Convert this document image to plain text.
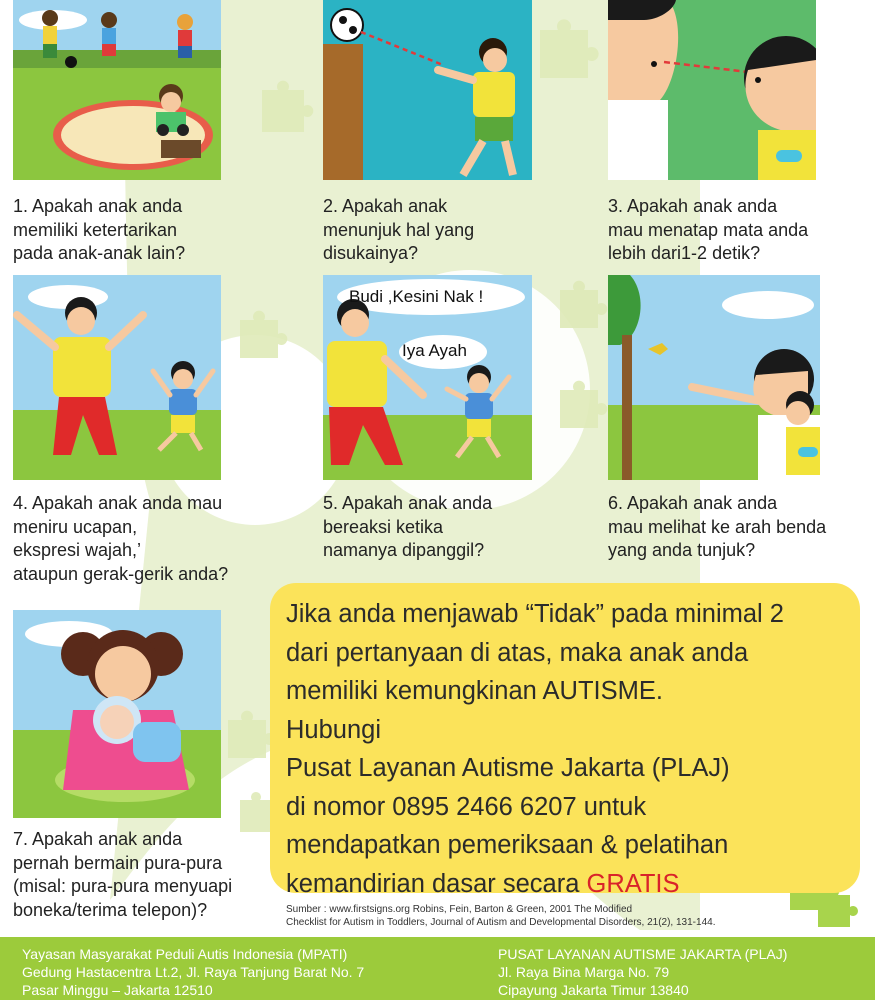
Budi ,Kesini Nak !
Iya Ayah
1. Apakah anak anda
memiliki ketertarikan
pada anak-anak lain?
2. Apakah anak
menunjuk hal yang
disukainya?
3. Apakah anak anda
mau menatap mata anda
lebih dari1-2 detik?
4. Apakah anak anda mau
meniru ucapan,
ekspresi wajah,’
ataupun gerak-gerik anda?
5. Apakah anak anda
bereaksi ketika
namanya dipanggil?
6. Apakah anak anda
mau melihat ke arah benda
yang anda tunjuk?
7. Apakah anak anda
pernah bermain pura-pura
(misal: pura-pura menyuapi
boneka/terima telepon)?
Jika anda menjawab “Tidak” pada minimal 2
dari pertanyaan di atas, maka anak anda
memiliki kemungkinan AUTISME.
Hubungi
Pusat Layanan Autisme Jakarta (PLAJ)
di nomor 0895 2466 6207 untuk
mendapatkan pemeriksaan & pelatihan
kemandirian dasar secara GRATIS
Sumber : www.firstsigns.org Robins, Fein, Barton & Green, 2001 The Modified
Checklist for Autism in Toddlers, Journal of Autism and Developmental Disorders, 21(2), 131-144.
Yayasan Masyarakat Peduli Autis Indonesia (MPATI)
Gedung Hastacentra Lt.2, Jl. Raya Tanjung Barat No. 7
Pasar Minggu – Jakarta 12510
PUSAT LAYANAN AUTISME JAKARTA (PLAJ)
Jl. Raya Bina Marga No. 79
Cipayung Jakarta Timur 13840
